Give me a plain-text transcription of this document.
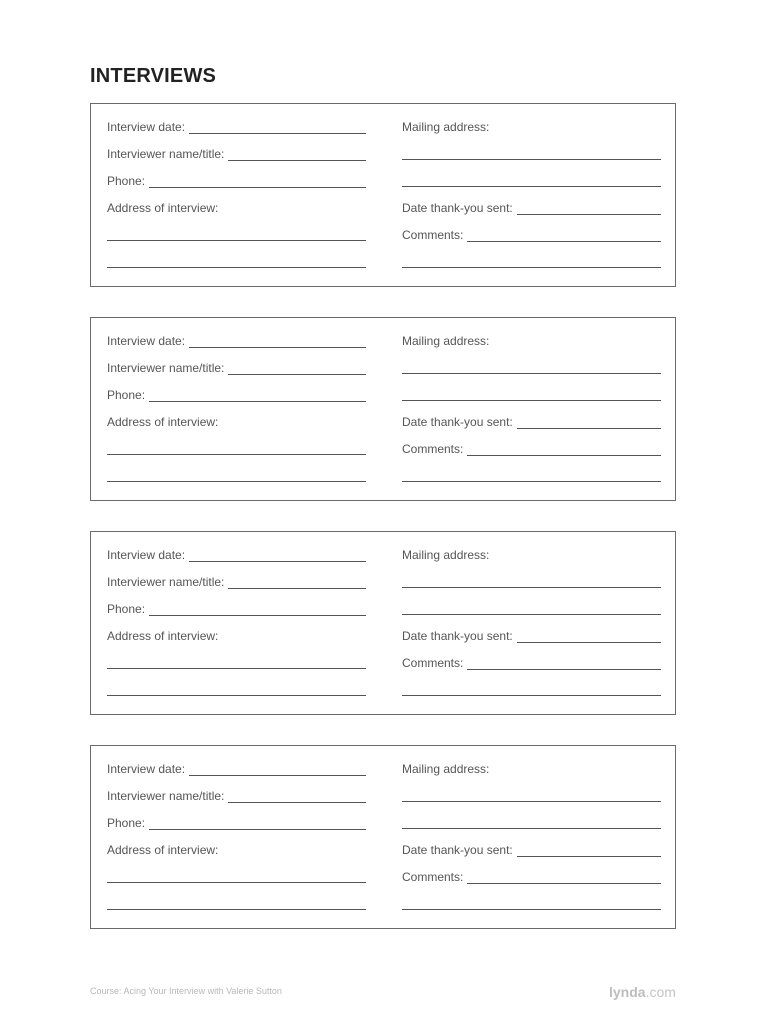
INTERVIEWS
Interview date:
Interviewer name/title:
Phone:
Address of interview:
Mailing address:
Date thank-you sent:
Comments:
Interview date:
Interviewer name/title:
Phone:
Address of interview:
Mailing address:
Date thank-you sent:
Comments:
Interview date:
Interviewer name/title:
Phone:
Address of interview:
Mailing address:
Date thank-you sent:
Comments:
Interview date:
Interviewer name/title:
Phone:
Address of interview:
Mailing address:
Date thank-you sent:
Comments:
Course: Acing Your Interview with Valerie Sutton	lynda.com
